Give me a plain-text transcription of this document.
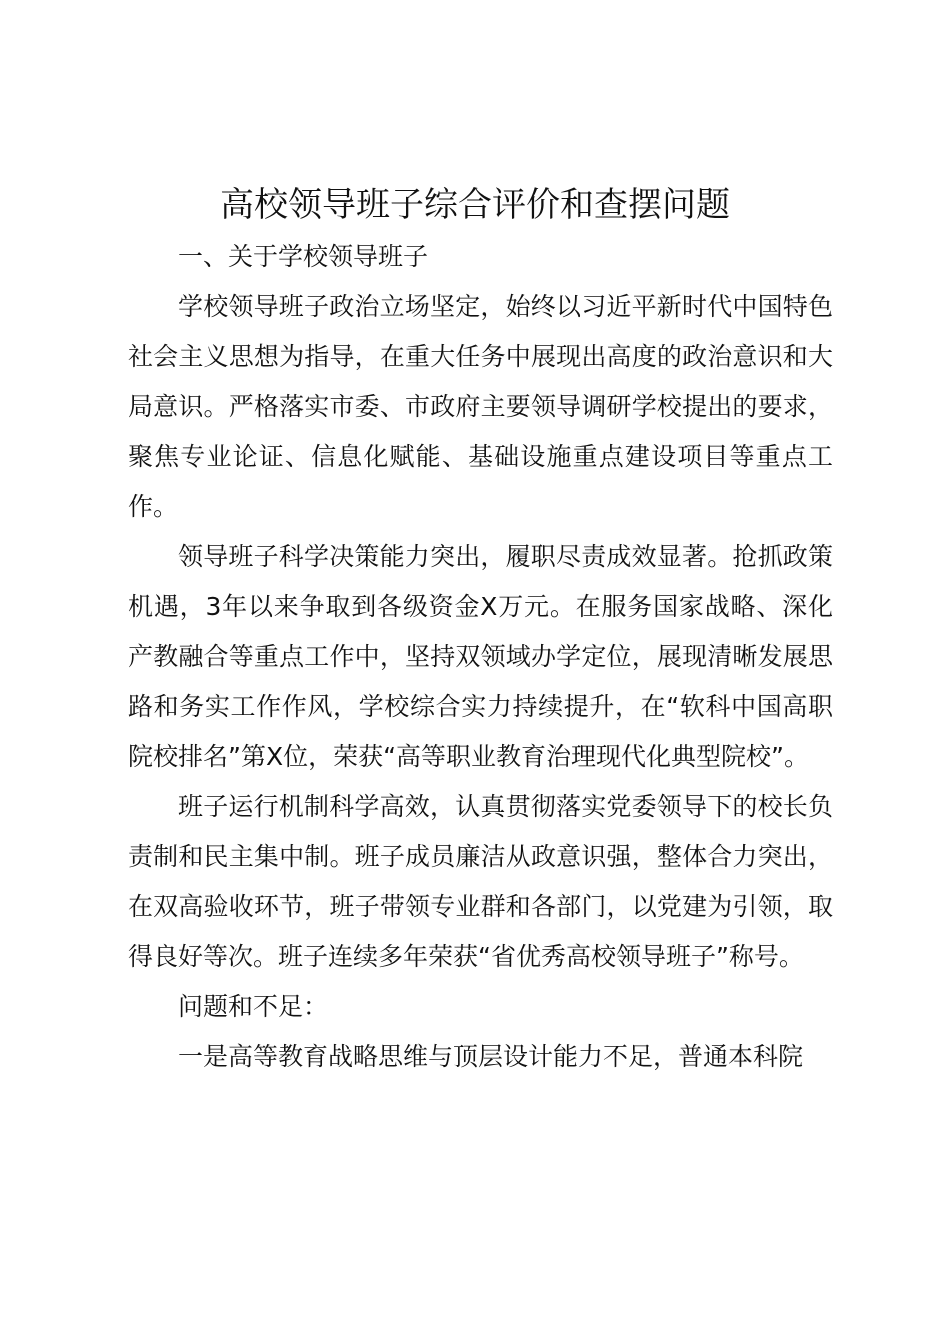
高校领导班子综合评价和查摆问题

一、关于学校领导班子

学校领导班子政治立场坚定，始终以习近平新时代中国特色社会主义思想为指导，在重大任务中展现出高度的政治意识和大局意识。严格落实市委、市政府主要领导调研学校提出的要求，聚焦专业论证、信息化赋能、基础设施重点建设项目等重点工作。

领导班子科学决策能力突出，履职尽责成效显著。抢抓政策机遇，3年以来争取到各级资金X万元。在服务国家战略、深化产教融合等重点工作中，坚持双领域办学定位，展现清晰发展思路和务实工作作风，学校综合实力持续提升，在“软科中国高职院校排名”第X位，荣获“高等职业教育治理现代化典型院校”。

班子运行机制科学高效，认真贯彻落实党委领导下的校长负责制和民主集中制。班子成员廉洁从政意识强，整体合力突出，在双高验收环节，班子带领专业群和各部门，以党建为引领，取得良好等次。班子连续多年荣获“省优秀高校领导班子”称号。

问题和不足：

一是高等教育战略思维与顶层设计能力不足，普通本科院
